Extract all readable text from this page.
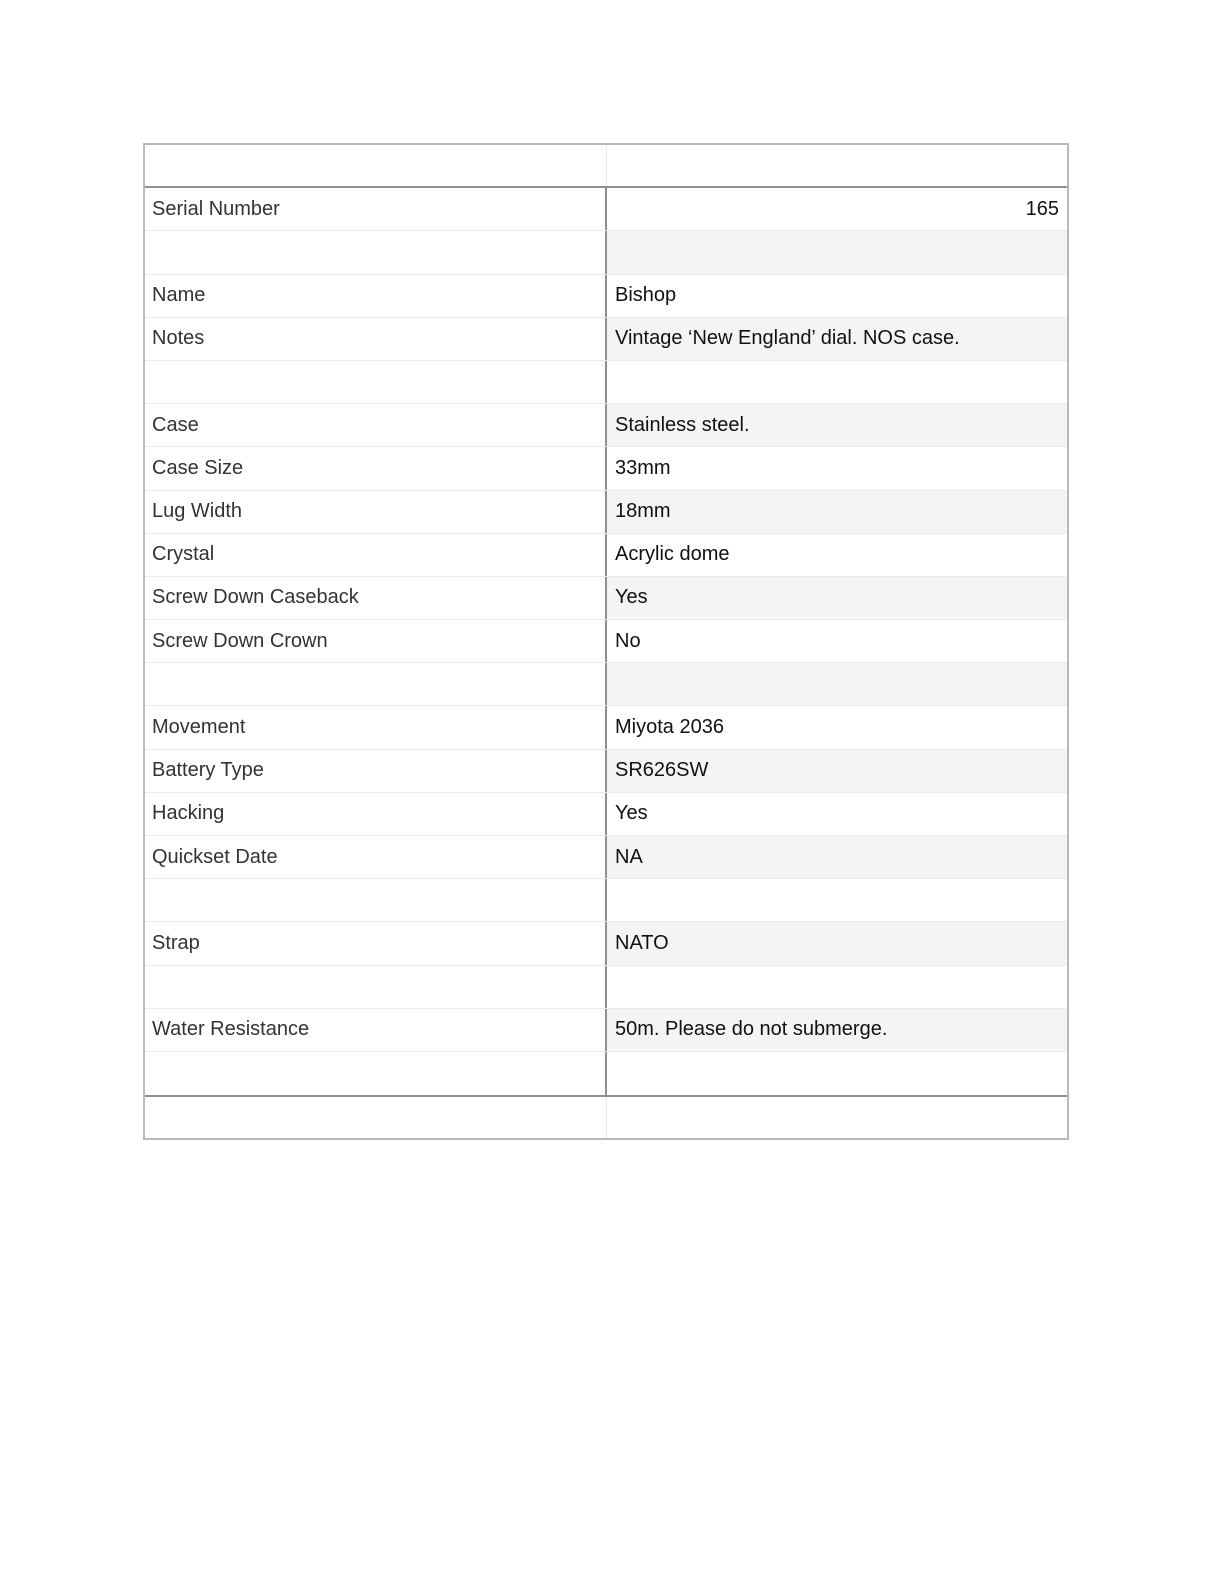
Serial Number	165
Name	Bishop
Notes	Vintage ‘New England’ dial. NOS case.
Case	Stainless steel.
Case Size	33mm
Lug Width	18mm
Crystal	Acrylic dome
Screw Down Caseback	Yes
Screw Down Crown	No
Movement	Miyota 2036
Battery Type	SR626SW
Hacking	Yes
Quickset Date	NA
Strap	NATO
Water Resistance	50m. Please do not submerge.
